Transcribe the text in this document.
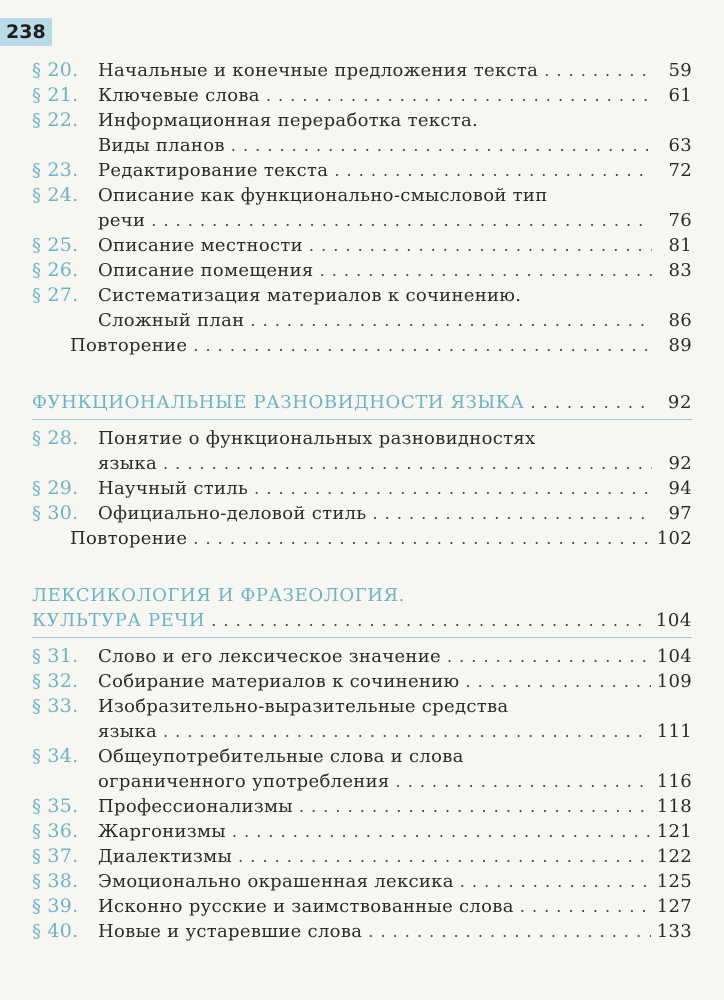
238
§ 20.	Начальные и конечные предложения текста . . .	59
§ 21.	Ключевые слова . . .	61
§ 22.	Информационная переработка текста.
Виды планов . . .	63
§ 23.	Редактирование текста . . .	72
§ 24.	Описание как функционально-смысловой тип
речи . . .	76
§ 25.	Описание местности . . .	81
§ 26.	Описание помещения . . .	83
§ 27.	Систематизация материалов к сочинению.
Сложный план . . .	86
Повторение . . .	89
ФУНКЦИОНАЛЬНЫЕ РАЗНОВИДНОСТИ ЯЗЫКА . . .	92
§ 28.	Понятие о функциональных разновидностях
языка . . .	92
§ 29.	Научный стиль . . .	94
§ 30.	Официально-деловой стиль . . .	97
Повторение . . .	102
ЛЕКСИКОЛОГИЯ И ФРАЗЕОЛОГИЯ.
КУЛЬТУРА РЕЧИ . . .	104
§ 31.	Слово и его лексическое значение . . .	104
§ 32.	Собирание материалов к сочинению . . .	109
§ 33.	Изобразительно-выразительные средства
языка . . .	111
§ 34.	Общеупотребительные слова и слова
ограниченного употребления . . .	116
§ 35.	Профессионализмы . . .	118
§ 36.	Жаргонизмы . . .	121
§ 37.	Диалектизмы . . .	122
§ 38.	Эмоционально окрашенная лексика . . .	125
§ 39.	Исконно русские и заимствованные слова . . .	127
§ 40.	Новые и устаревшие слова . . .	133
